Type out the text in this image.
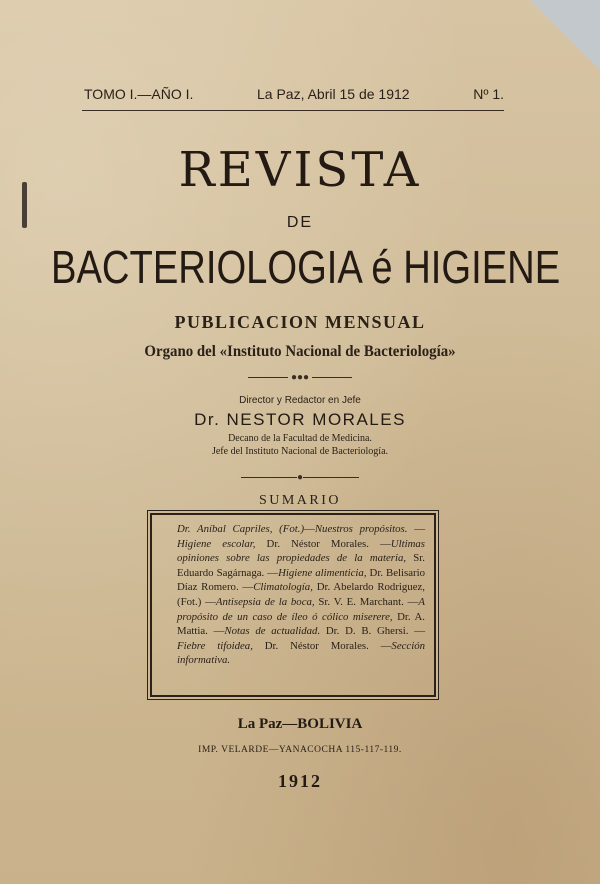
TOMO I.—AÑO I.	La Paz, Abril 15 de 1912	Nº 1.
REVISTA
DE
BACTERIOLOGIA é HIGIENE
PUBLICACION MENSUAL
Organo del «Instituto Nacional de Bacteriología»
●●●
Director y Redactor en Jefe
Dr. NESTOR MORALES
Decano de la Facultad de Medicina.
Jefe del Instituto Nacional de Bacteriología.
●
SUMARIO
Dr. Aníbal Capriles, (Fot.)—Nuestros propósitos. —Higiene escolar, Dr. Néstor Morales. —Ultimas opiniones sobre las propiedades de la materia, Sr. Eduardo Sagárnaga. —Higiene alimenticia, Dr. Belisario Díaz Romero. —Climatología, Dr. Abelardo Rodriguez, (Fot.) —Antisepsia de la boca, Sr. V. E. Marchant. —A propósito de un caso de íleo ó cólico miserere, Dr. A. Mattia. —Notas de actualidad. Dr. D. B. Ghersi. —Fiebre tifoidea, Dr. Néstor Morales. —Sección informativa.
La Paz—BOLIVIA
IMP. VELARDE—YANACOCHA 115-117-119.
1912
